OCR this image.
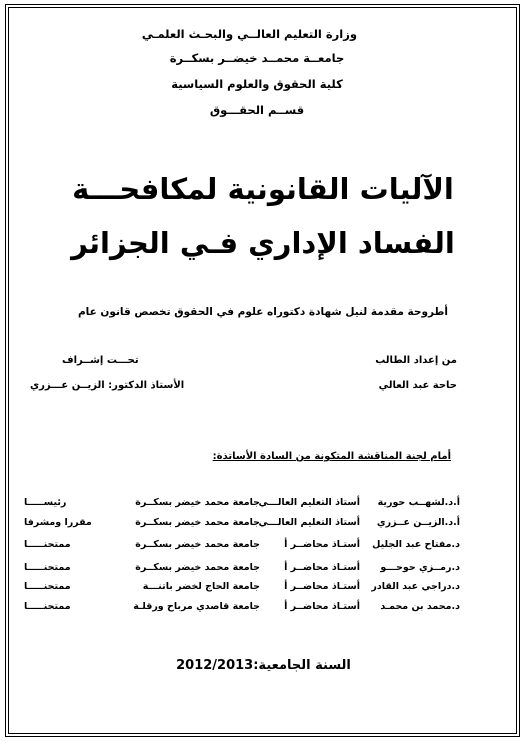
وزارة التعليم العالــي والبحـث العلمـي
جامعــة محمــد خيضــر بسكــرة
كلية الحقوق والعلوم السياسية
قســم الحقـــوق
الآليات القانونية لمكافحـــة
الفساد الإداري فـي الجزائر
أطروحة مقدمة لنيل شهادة دكتوراه علوم في الحقوق تخصص قانون عام
من إعداد الطالب
حاحة عبد العالي
تحـــت إشــراف
الأستاذ الدكتور: الزيــن عـــزري
أمام لجنة المناقشة المتكونة من السادة الأساتذة:
أ.د.لشهــب حورية
أستاذ التعليم العالـــي
جامعة محمد خيضر بسكــرة
رئيســـــا
أ.د.الزيــن عــزري
أستاذ التعليم العالـــي
جامعة محمد خيضر بسكــرة
مقررا ومشرفا
د.مفتاح عبد الجليل
أستـاذ محاضــر أ
جامعة محمد خيضر بسكــرة
ممتحنـــــا
د.رمــزي حوحـــو
أستـاذ محاضــر أ
جامعة محمد خيضر بسكــرة
ممتحنـــــا
د.دراجي عبد القادر
أستـاذ محاضــر أ
جامعة الحاج لخضر باتنـــة
ممتحنـــــا
د.محمد بن محمـد
أستـاذ محاضــر أ
جامعة قاصدي مرباح ورقلـة
ممتحنـــــا
السنة الجامعية:2012/2013
